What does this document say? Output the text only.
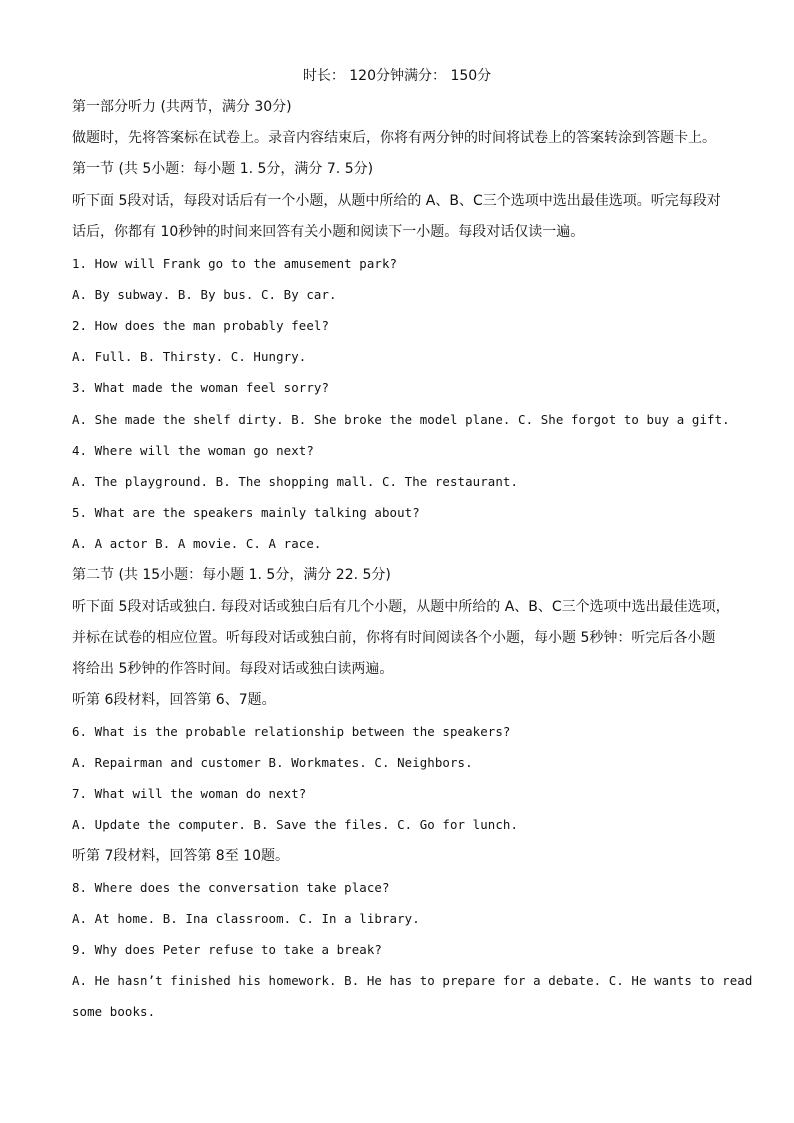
时长： 120分钟满分： 150分
第一部分听力 (共两节，满分 30分)
做题时，先将答案标在试卷上。录音内容结束后，你将有两分钟的时间将试卷上的答案转涂到答题卡上。
第一节 (共 5小题：每小题 1. 5分，满分 7. 5分)
听下面 5段对话，每段对话后有一个小题，从题中所给的 A、B、C三个选项中选出最佳选项。听完每段对
话后，你都有 10秒钟的时间来回答有关小题和阅读下一小题。每段对话仅读一遍。
1. How will Frank go to the amusement park?
A. By subway. B. By bus. C. By car.
2. How does the man probably feel?
A. Full. B. Thirsty. C. Hungry.
3. What made the woman feel sorry?
A. She made the shelf dirty. B. She broke the model plane. C. She forgot to buy a gift.
4. Where will the woman go next?
A. The playground. B. The shopping mall. C. The restaurant.
5. What are the speakers mainly talking about?
A. A actor B. A movie. C. A race.
第二节 (共 15小题：每小题 1. 5分，满分 22. 5分)
听下面 5段对话或独白. 每段对话或独白后有几个小题，从题中所给的 A、B、C三个选项中选出最佳选项，
并标在试卷的相应位置。听每段对话或独白前，你将有时间阅读各个小题，每小题 5秒钟：听完后各小题
将给出 5秒钟的作答时间。每段对话或独白读两遍。
听第 6段材料，回答第 6、7题。
6. What is the probable relationship between the speakers?
A. Repairman and customer B. Workmates. C. Neighbors.
7. What will the woman do next?
A. Update the computer. B. Save the files. C. Go for lunch.
听第 7段材料，回答第 8至 10题。
8. Where does the conversation take place?
A. At home. B. Ina classroom. C. In a library.
9. Why does Peter refuse to take a break?
A. He hasn’t finished his homework. B. He has to prepare for a debate. C. He wants to read
some books.
